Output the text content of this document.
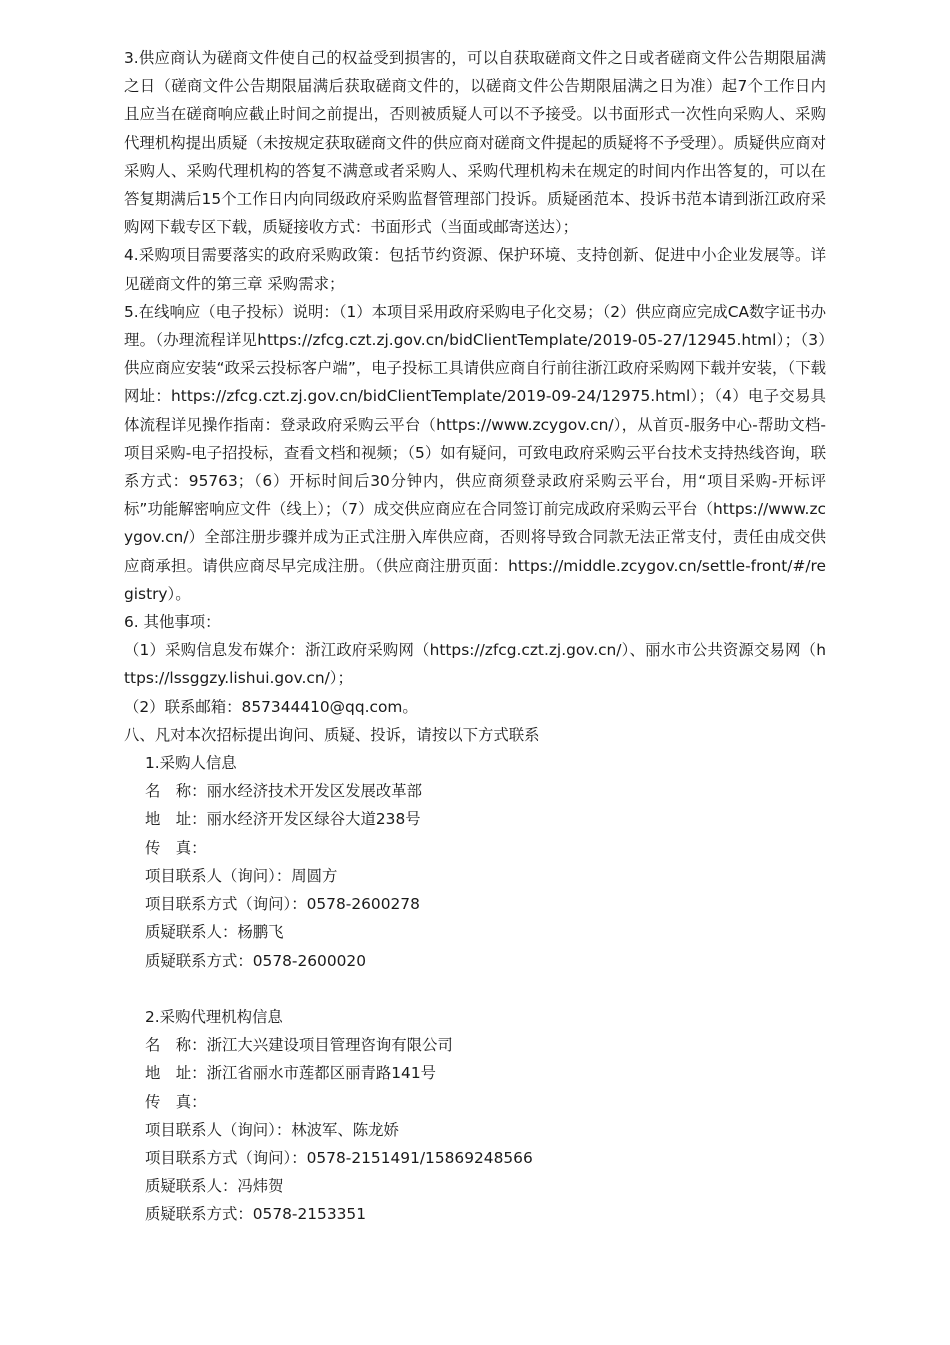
3.供应商认为磋商文件使自己的权益受到损害的，可以自获取磋商文件之日或者磋商文件公告期限届满之日（磋商文件公告期限届满后获取磋商文件的，以磋商文件公告期限届满之日为准）起7个工作日内且应当在磋商响应截止时间之前提出，否则被质疑人可以不予接受。以书面形式一次性向采购人、采购代理机构提出质疑（未按规定获取磋商文件的供应商对磋商文件提起的质疑将不予受理）。质疑供应商对采购人、采购代理机构的答复不满意或者采购人、采购代理机构未在规定的时间内作出答复的，可以在答复期满后15个工作日内向同级政府采购监督管理部门投诉。质疑函范本、投诉书范本请到浙江政府采购网下载专区下载，质疑接收方式：书面形式（当面或邮寄送达）；

4.采购项目需要落实的政府采购政策：包括节约资源、保护环境、支持创新、促进中小企业发展等。详见磋商文件的第三章 采购需求；

5.在线响应（电子投标）说明：（1）本项目采用政府采购电子化交易；（2）供应商应完成CA数字证书办理。（办理流程详见https://zfcg.czt.zj.gov.cn/bidClientTemplate/2019-05-27/12945.html）；（3）供应商应安装“政采云投标客户端”，电子投标工具请供应商自行前往浙江政府采购网下载并安装，（下载网址：https://zfcg.czt.zj.gov.cn/bidClientTemplate/2019-09-24/12975.html）；（4）电子交易具体流程详见操作指南：登录政府采购云平台（https://www.zcygov.cn/），从首页-服务中心-帮助文档-项目采购-电子招投标，查看文档和视频；（5）如有疑问，可致电政府采购云平台技术支持热线咨询，联系方式：95763；（6）开标时间后30分钟内，供应商须登录政府采购云平台，用“项目采购-开标评标”功能解密响应文件（线上）；（7）成交供应商应在合同签订前完成政府采购云平台（https://www.zcygov.cn/）全部注册步骤并成为正式注册入库供应商，否则将导致合同款无法正常支付，责任由成交供应商承担。请供应商尽早完成注册。（供应商注册页面：https://middle.zcygov.cn/settle-front/#/registry）。

6. 其他事项：

（1）采购信息发布媒介：浙江政府采购网（https://zfcg.czt.zj.gov.cn/）、丽水市公共资源交易网（https://lssggzy.lishui.gov.cn/）；

（2）联系邮箱：857344410@qq.com。

八、凡对本次招标提出询问、质疑、投诉，请按以下方式联系

1.采购人信息

名　称：丽水经济技术开发区发展改革部

地　址：丽水经济开发区绿谷大道238号

传　真：

项目联系人（询问）：周圆方

项目联系方式（询问）：0578-2600278

质疑联系人：杨鹏飞

质疑联系方式：0578-2600020

2.采购代理机构信息

名　称：浙江大兴建设项目管理咨询有限公司

地　址：浙江省丽水市莲都区丽青路141号

传　真：

项目联系人（询问）：林波军、陈龙娇

项目联系方式（询问）：0578-2151491/15869248566

质疑联系人：冯炜贺

质疑联系方式：0578-2153351
